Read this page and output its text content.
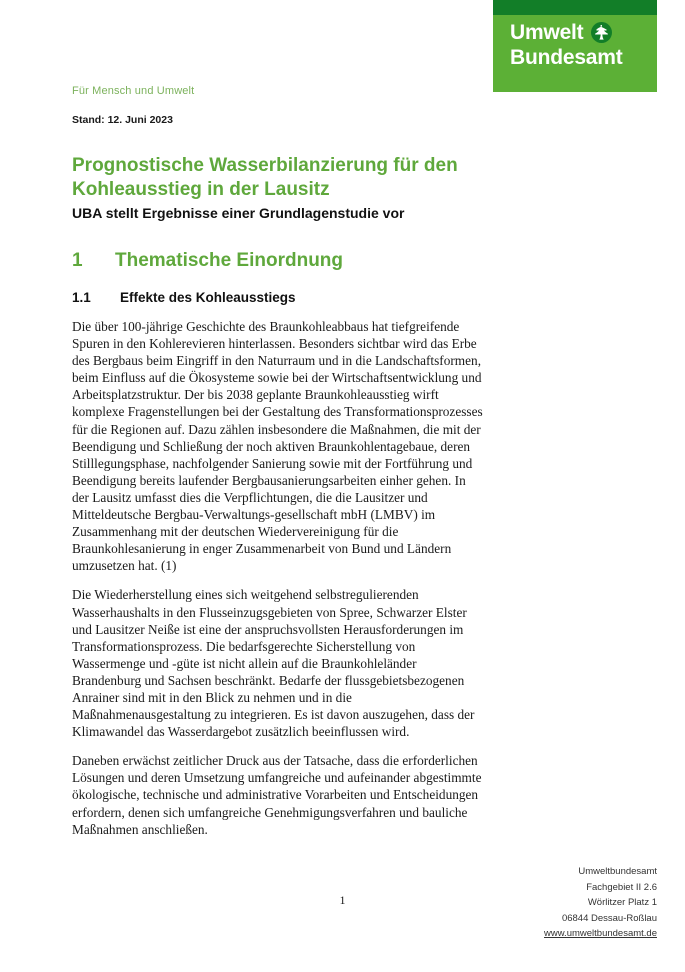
Umwelt
Bundesamt
Für Mensch und Umwelt
Stand: 12. Juni 2023
Prognostische Wasserbilanzierung für den Kohleausstieg in der Lausitz
UBA stellt Ergebnisse einer Grundlagenstudie vor
1	Thematische Einordnung
1.1	Effekte des Kohleausstiegs

Die über 100-jährige Geschichte des Braunkohleabbaus hat tiefgreifende Spuren in den Kohlerevieren hinterlassen. Besonders sichtbar wird das Erbe des Bergbaus beim Eingriff in den Naturraum und in die Landschaftsformen, beim Einfluss auf die Ökosysteme sowie bei der Wirtschaftsentwicklung und Arbeitsplatzstruktur. Der bis 2038 geplante Braunkohleausstieg wirft komplexe Fragenstellungen bei der Gestaltung des Transformationsprozesses für die Regionen auf. Dazu zählen insbesondere die Maßnahmen, die mit der Beendigung und Schließung der noch aktiven Braunkohlentagebaue, deren Stilllegungsphase, nachfolgender Sanierung sowie mit der Fortführung und Beendigung bereits laufender Bergbausanierungsarbeiten einher gehen. In der Lausitz umfasst dies die Verpflichtungen, die die Lausitzer und Mitteldeutsche Bergbau-Verwaltungs-gesellschaft mbH (LMBV) im Zusammenhang mit der deutschen Wiedervereinigung für die Braunkohlesanierung in enger Zusammenarbeit von Bund und Ländern umzusetzen hat. (1)

Die Wiederherstellung eines sich weitgehend selbstregulierenden Wasserhaushalts in den Flusseinzugsgebieten von Spree, Schwarzer Elster und Lausitzer Neiße ist eine der anspruchsvollsten Herausforderungen im Transformationsprozess. Die bedarfsgerechte Sicherstellung von Wassermenge und -güte ist nicht allein auf die Braunkohleländer Brandenburg und Sachsen beschränkt. Bedarfe der flussgebietsbezogenen Anrainer sind mit in den Blick zu nehmen und in die Maßnahmenausgestaltung zu integrieren. Es ist davon auszugehen, dass der Klimawandel das Wasserdargebot zusätzlich beeinflussen wird.

Daneben erwächst zeitlicher Druck aus der Tatsache, dass die erforderlichen Lösungen und deren Umsetzung umfangreiche und aufeinander abgestimmte ökologische, technische und administrative Vorarbeiten und Entscheidungen erfordern, denen sich umfangreiche Genehmigungsverfahren und bauliche Maßnahmen anschließen.

1
Umweltbundesamt
Fachgebiet II 2.6
Wörlitzer Platz 1
06844 Dessau-Roßlau
www.umweltbundesamt.de
